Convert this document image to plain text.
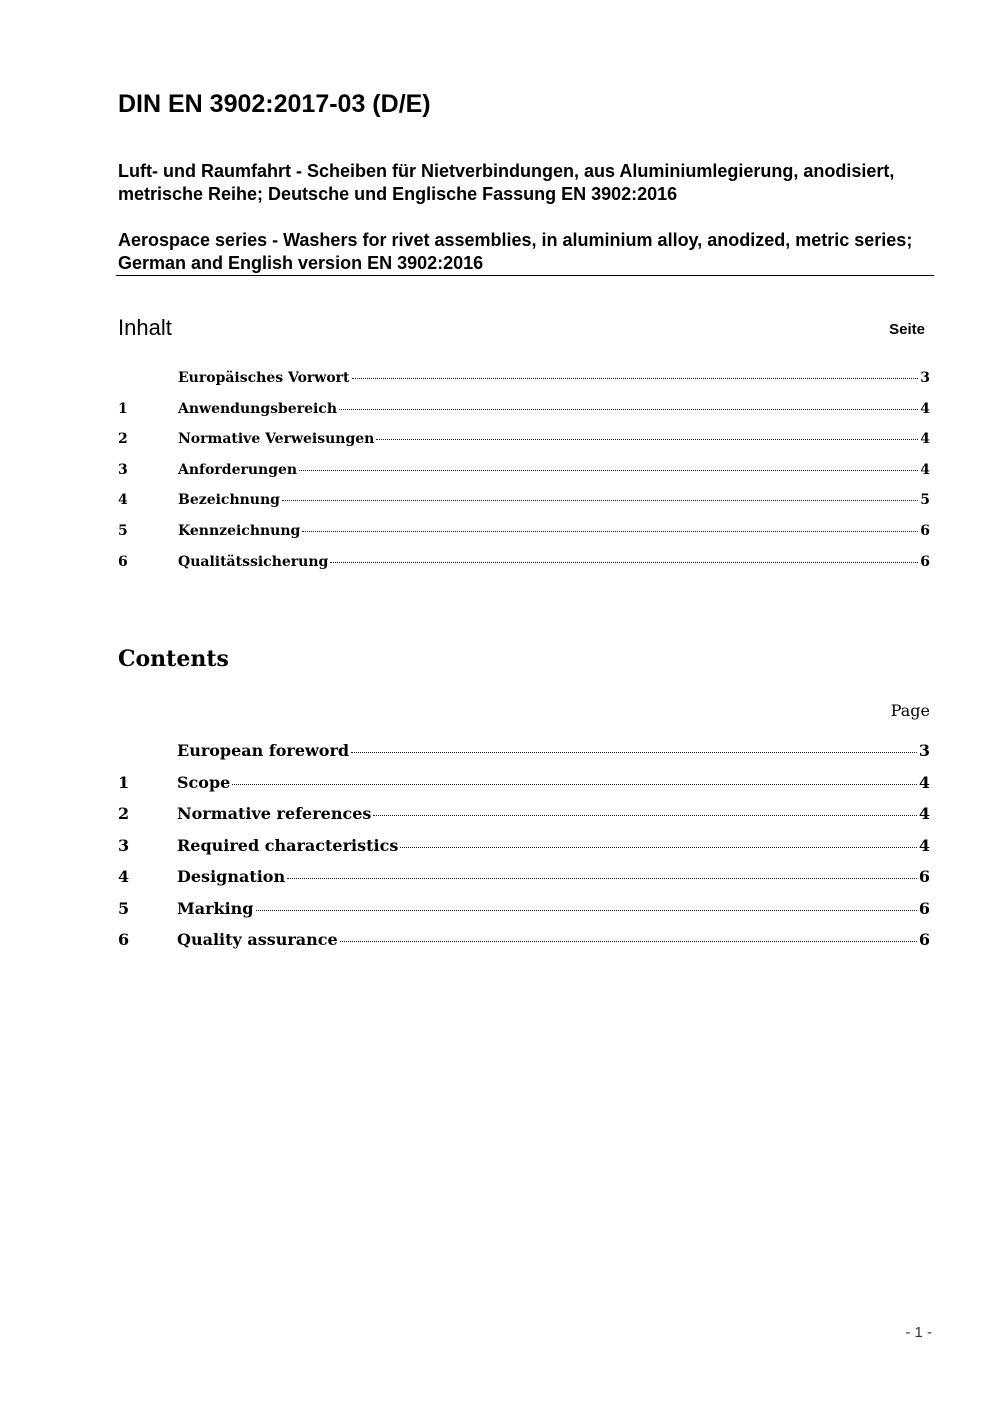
DIN EN 3902:2017-03 (D/E)

Luft- und Raumfahrt - Scheiben für Nietverbindungen, aus Aluminiumlegierung, anodisiert, metrische Reihe; Deutsche und Englische Fassung EN 3902:2016

Aerospace series - Washers for rivet assemblies, in aluminium alloy, anodized, metric series; German and English version EN 3902:2016

Inhalt	Seite
Europäisches Vorwort	3
1	Anwendungsbereich	4
2	Normative Verweisungen	4
3	Anforderungen	4
4	Bezeichnung	5
5	Kennzeichnung	6
6	Qualitätssicherung	6
Contents
Page
European foreword	3
1	Scope	4
2	Normative references	4
3	Required characteristics	4
4	Designation	6
5	Marking	6
6	Quality assurance	6
- 1 -
